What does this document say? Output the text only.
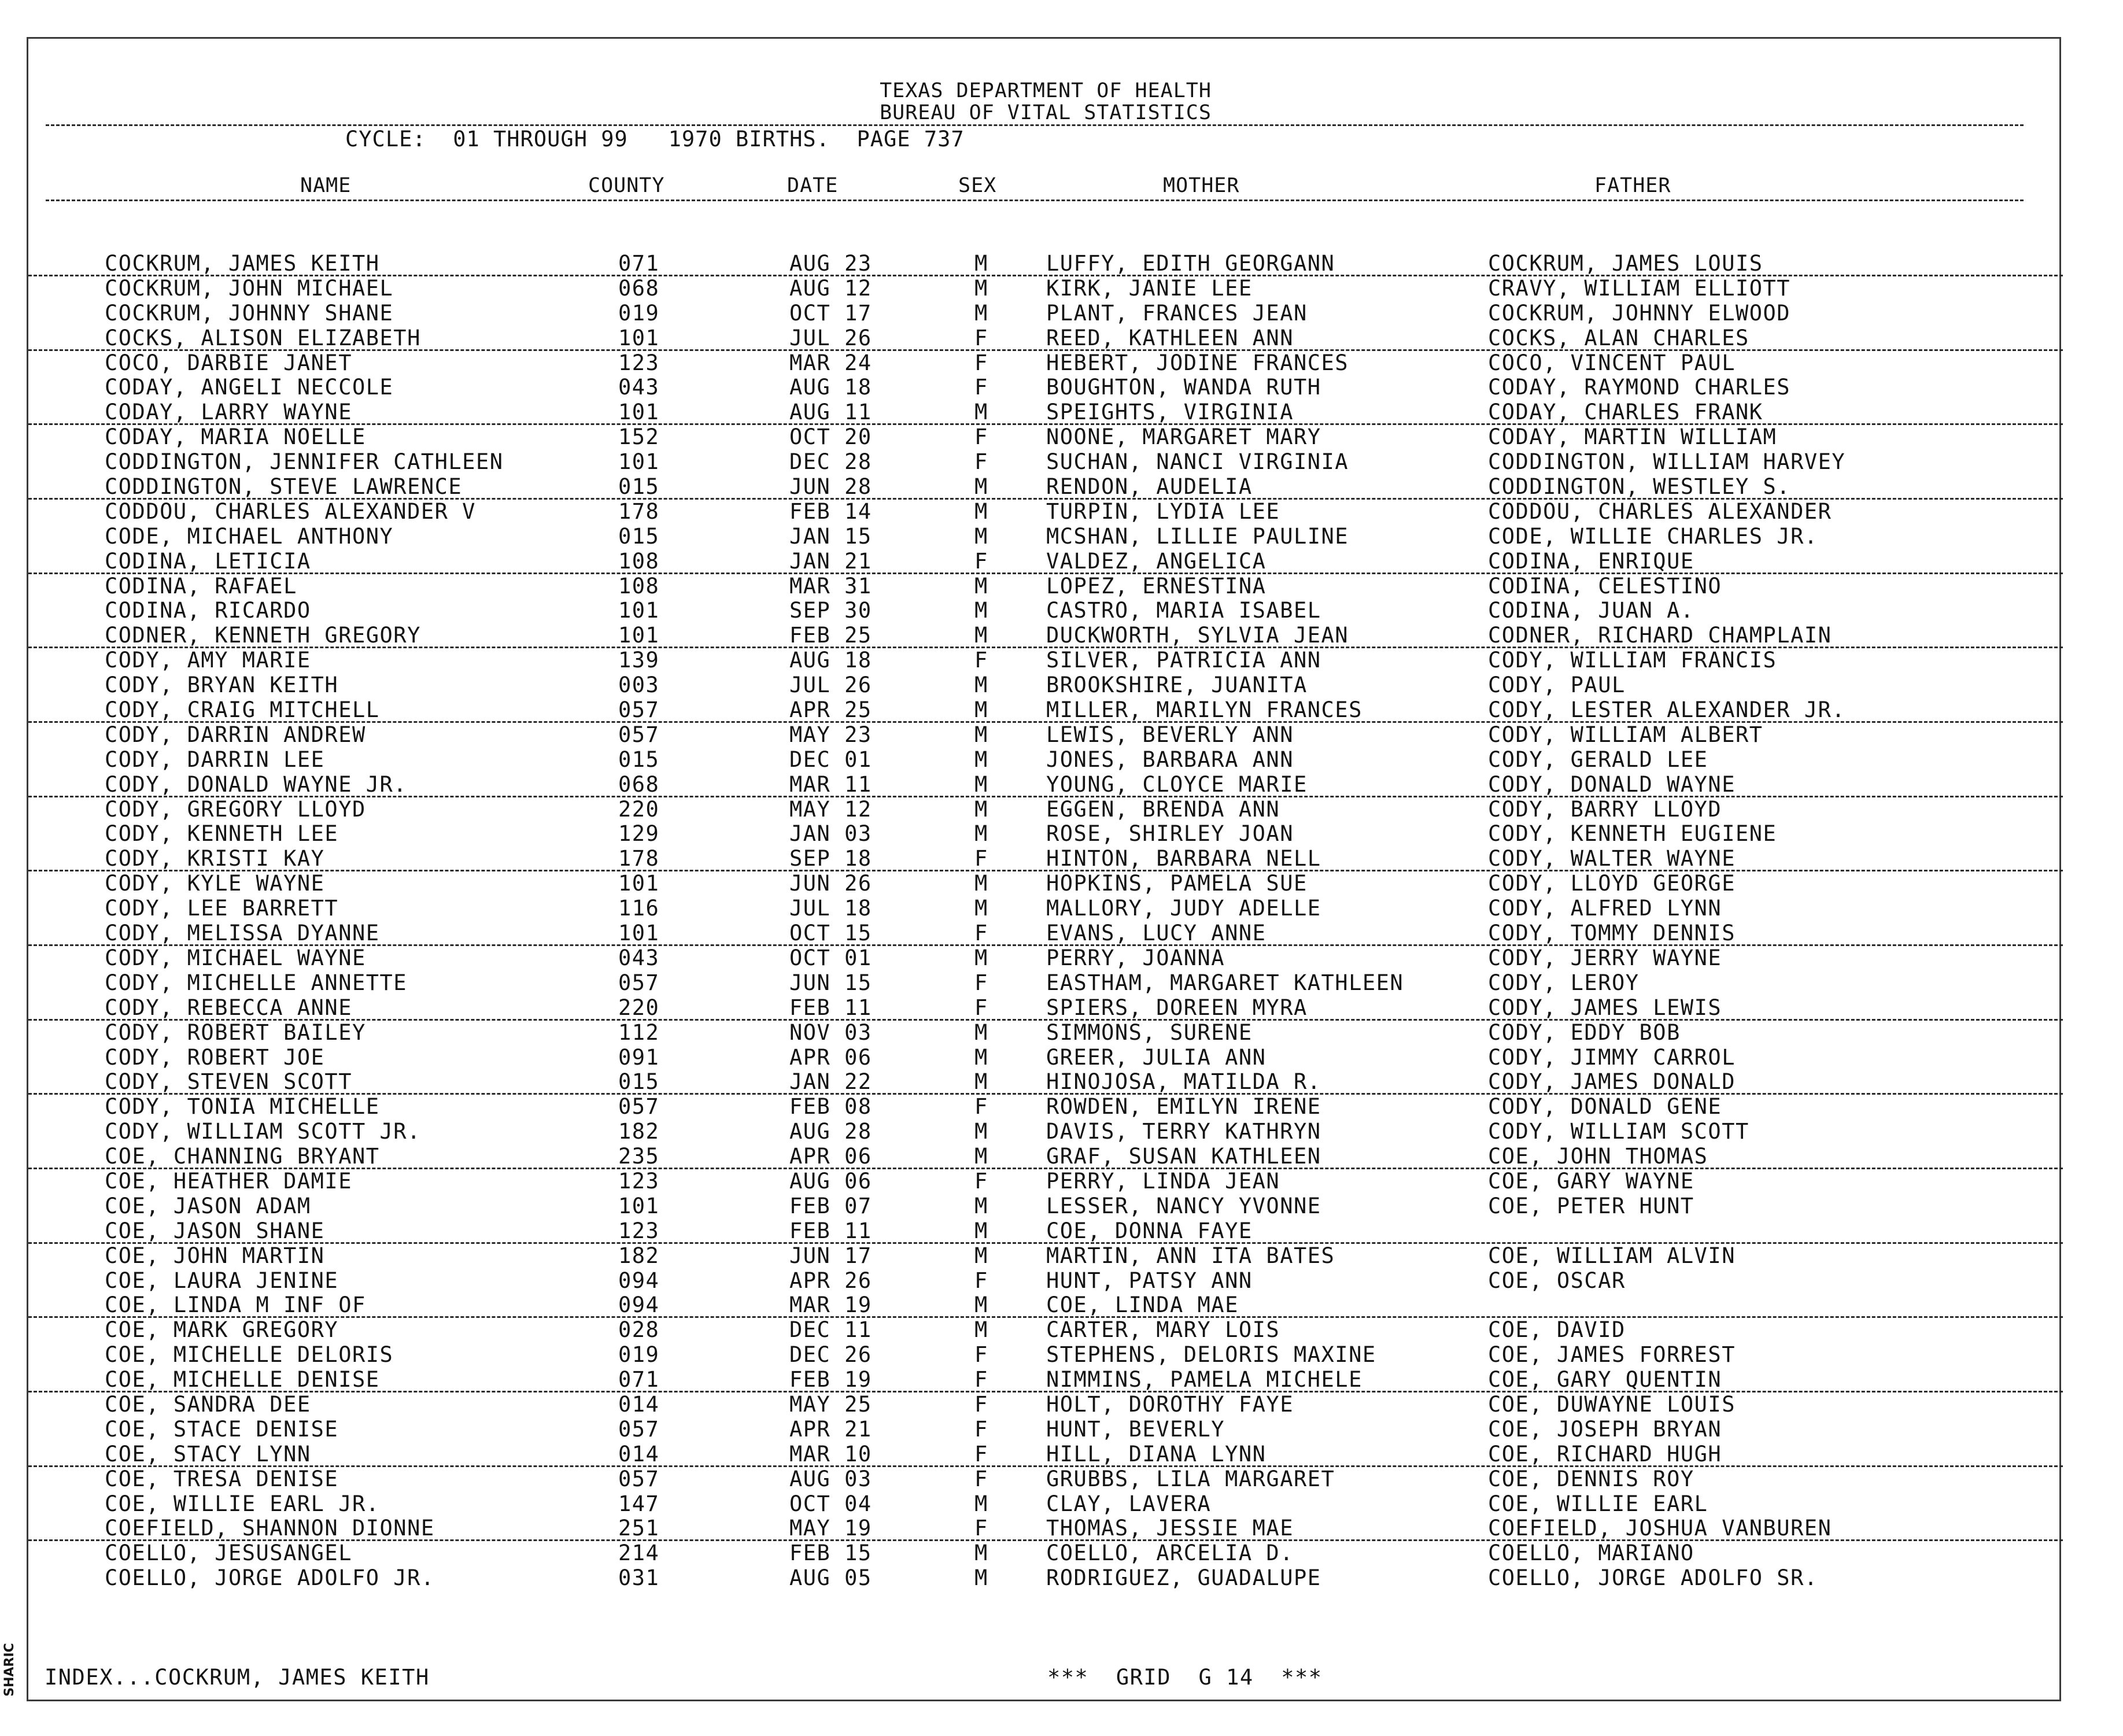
SHARIC
TEXAS DEPARTMENT OF HEALTH
BUREAU OF VITAL STATISTICS
CYCLE:  01 THROUGH 99   1970 BIRTHS.  PAGE 737
NAME	COUNTY	DATE	SEX	MOTHER	FATHER
COCKRUM, JAMES KEITH	071	AUG 23	M	LUFFY, EDITH GEORGANN	COCKRUM, JAMES LOUIS
COCKRUM, JOHN MICHAEL	068	AUG 12	M	KIRK, JANIE LEE	CRAVY, WILLIAM ELLIOTT
COCKRUM, JOHNNY SHANE	019	OCT 17	M	PLANT, FRANCES JEAN	COCKRUM, JOHNNY ELWOOD
COCKS, ALISON ELIZABETH	101	JUL 26	F	REED, KATHLEEN ANN	COCKS, ALAN CHARLES
COCO, DARBIE JANET	123	MAR 24	F	HEBERT, JODINE FRANCES	COCO, VINCENT PAUL
CODAY, ANGELI NECCOLE	043	AUG 18	F	BOUGHTON, WANDA RUTH	CODAY, RAYMOND CHARLES
CODAY, LARRY WAYNE	101	AUG 11	M	SPEIGHTS, VIRGINIA	CODAY, CHARLES FRANK
CODAY, MARIA NOELLE	152	OCT 20	F	NOONE, MARGARET MARY	CODAY, MARTIN WILLIAM
CODDINGTON, JENNIFER CATHLEEN	101	DEC 28	F	SUCHAN, NANCI VIRGINIA	CODDINGTON, WILLIAM HARVEY
CODDINGTON, STEVE LAWRENCE	015	JUN 28	M	RENDON, AUDELIA	CODDINGTON, WESTLEY S.
CODDOU, CHARLES ALEXANDER V	178	FEB 14	M	TURPIN, LYDIA LEE	CODDOU, CHARLES ALEXANDER
CODE, MICHAEL ANTHONY	015	JAN 15	M	MCSHAN, LILLIE PAULINE	CODE, WILLIE CHARLES JR.
CODINA, LETICIA	108	JAN 21	F	VALDEZ, ANGELICA	CODINA, ENRIQUE
CODINA, RAFAEL	108	MAR 31	M	LOPEZ, ERNESTINA	CODINA, CELESTINO
CODINA, RICARDO	101	SEP 30	M	CASTRO, MARIA ISABEL	CODINA, JUAN A.
CODNER, KENNETH GREGORY	101	FEB 25	M	DUCKWORTH, SYLVIA JEAN	CODNER, RICHARD CHAMPLAIN
CODY, AMY MARIE	139	AUG 18	F	SILVER, PATRICIA ANN	CODY, WILLIAM FRANCIS
CODY, BRYAN KEITH	003	JUL 26	M	BROOKSHIRE, JUANITA	CODY, PAUL
CODY, CRAIG MITCHELL	057	APR 25	M	MILLER, MARILYN FRANCES	CODY, LESTER ALEXANDER JR.
CODY, DARRIN ANDREW	057	MAY 23	M	LEWIS, BEVERLY ANN	CODY, WILLIAM ALBERT
CODY, DARRIN LEE	015	DEC 01	M	JONES, BARBARA ANN	CODY, GERALD LEE
CODY, DONALD WAYNE JR.	068	MAR 11	M	YOUNG, CLOYCE MARIE	CODY, DONALD WAYNE
CODY, GREGORY LLOYD	220	MAY 12	M	EGGEN, BRENDA ANN	CODY, BARRY LLOYD
CODY, KENNETH LEE	129	JAN 03	M	ROSE, SHIRLEY JOAN	CODY, KENNETH EUGIENE
CODY, KRISTI KAY	178	SEP 18	F	HINTON, BARBARA NELL	CODY, WALTER WAYNE
CODY, KYLE WAYNE	101	JUN 26	M	HOPKINS, PAMELA SUE	CODY, LLOYD GEORGE
CODY, LEE BARRETT	116	JUL 18	M	MALLORY, JUDY ADELLE	CODY, ALFRED LYNN
CODY, MELISSA DYANNE	101	OCT 15	F	EVANS, LUCY ANNE	CODY, TOMMY DENNIS
CODY, MICHAEL WAYNE	043	OCT 01	M	PERRY, JOANNA	CODY, JERRY WAYNE
CODY, MICHELLE ANNETTE	057	JUN 15	F	EASTHAM, MARGARET KATHLEEN	CODY, LEROY
CODY, REBECCA ANNE	220	FEB 11	F	SPIERS, DOREEN MYRA	CODY, JAMES LEWIS
CODY, ROBERT BAILEY	112	NOV 03	M	SIMMONS, SURENE	CODY, EDDY BOB
CODY, ROBERT JOE	091	APR 06	M	GREER, JULIA ANN	CODY, JIMMY CARROL
CODY, STEVEN SCOTT	015	JAN 22	M	HINOJOSA, MATILDA R.	CODY, JAMES DONALD
CODY, TONIA MICHELLE	057	FEB 08	F	ROWDEN, EMILYN IRENE	CODY, DONALD GENE
CODY, WILLIAM SCOTT JR.	182	AUG 28	M	DAVIS, TERRY KATHRYN	CODY, WILLIAM SCOTT
COE, CHANNING BRYANT	235	APR 06	M	GRAF, SUSAN KATHLEEN	COE, JOHN THOMAS
COE, HEATHER DAMIE	123	AUG 06	F	PERRY, LINDA JEAN	COE, GARY WAYNE
COE, JASON ADAM	101	FEB 07	M	LESSER, NANCY YVONNE	COE, PETER HUNT
COE, JASON SHANE	123	FEB 11	M	COE, DONNA FAYE
COE, JOHN MARTIN	182	JUN 17	M	MARTIN, ANN ITA BATES	COE, WILLIAM ALVIN
COE, LAURA JENINE	094	APR 26	F	HUNT, PATSY ANN	COE, OSCAR
COE, LINDA M INF OF	094	MAR 19	M	COE, LINDA MAE
COE, MARK GREGORY	028	DEC 11	M	CARTER, MARY LOIS	COE, DAVID
COE, MICHELLE DELORIS	019	DEC 26	F	STEPHENS, DELORIS MAXINE	COE, JAMES FORREST
COE, MICHELLE DENISE	071	FEB 19	F	NIMMINS, PAMELA MICHELE	COE, GARY QUENTIN
COE, SANDRA DEE	014	MAY 25	F	HOLT, DOROTHY FAYE	COE, DUWAYNE LOUIS
COE, STACE DENISE	057	APR 21	F	HUNT, BEVERLY	COE, JOSEPH BRYAN
COE, STACY LYNN	014	MAR 10	F	HILL, DIANA LYNN	COE, RICHARD HUGH
COE, TRESA DENISE	057	AUG 03	F	GRUBBS, LILA MARGARET	COE, DENNIS ROY
COE, WILLIE EARL JR.	147	OCT 04	M	CLAY, LAVERA	COE, WILLIE EARL
COEFIELD, SHANNON DIONNE	251	MAY 19	F	THOMAS, JESSIE MAE	COEFIELD, JOSHUA VANBUREN
COELLO, JESUSANGEL	214	FEB 15	M	COELLO, ARCELIA D.	COELLO, MARIANO
COELLO, JORGE ADOLFO JR.	031	AUG 05	M	RODRIGUEZ, GUADALUPE	COELLO, JORGE ADOLFO SR.
INDEX...COCKRUM, JAMES KEITH	***  GRID  G 14  ***
